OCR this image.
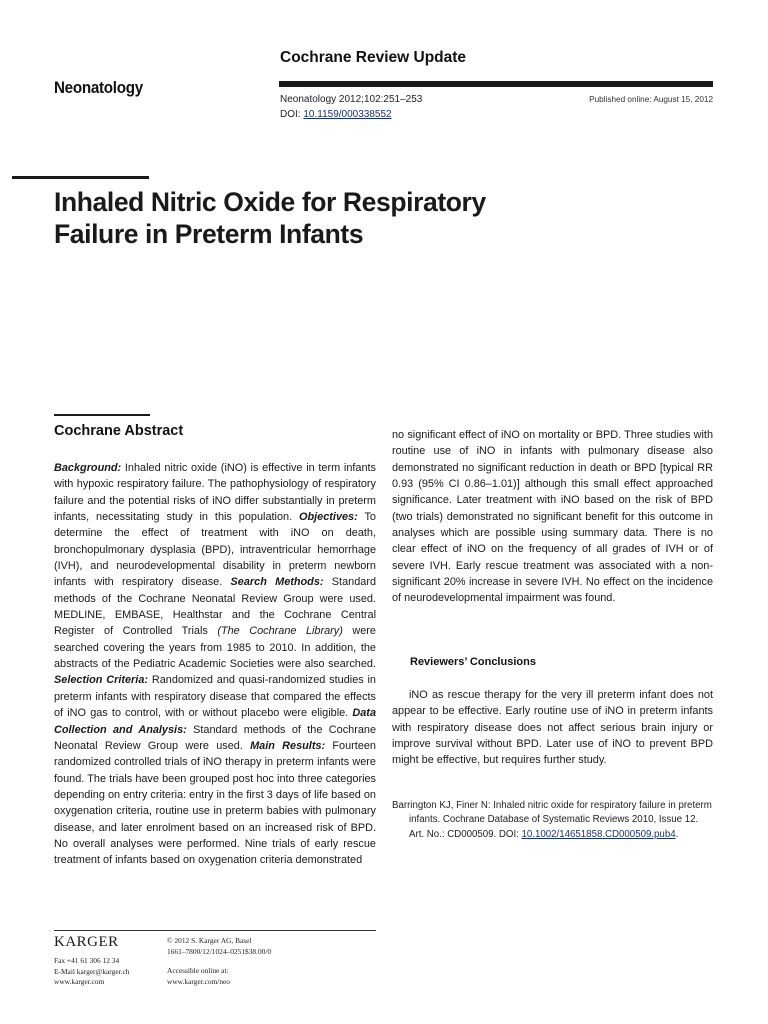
Cochrane Review Update
Neonatology
Neonatology 2012;102:251–253
DOI: 10.1159/000338552
Published online: August 15, 2012
Inhaled Nitric Oxide for Respiratory
Failure in Preterm Infants
Cochrane Abstract
Background: Inhaled nitric oxide (iNO) is effective in term infants with hypoxic respiratory failure. The pathophysiology of respiratory failure and the potential risks of iNO differ substantially in preterm infants, necessitating study in this population. Objectives: To determine the effect of treatment with iNO on death, bronchopulmonary dysplasia (BPD), intraventricular hemorrhage (IVH), and neurodevelopmental disability in preterm newborn infants with respiratory disease. Search Methods: Standard methods of the Cochrane Neonatal Review Group were used. MEDLINE, EMBASE, Healthstar and the Cochrane Central Register of Controlled Trials (The Cochrane Library) were searched covering the years from 1985 to 2010. In addition, the abstracts of the Pediatric Academic Societies were also searched. Selection Criteria: Randomized and quasi-randomized studies in preterm infants with respiratory disease that compared the effects of iNO gas to control, with or without placebo were eligible. Data Collection and Analysis: Standard methods of the Cochrane Neonatal Review Group were used. Main Results: Fourteen randomized controlled trials of iNO therapy in preterm infants were found. The trials have been grouped post hoc into three categories depending on entry criteria: entry in the first 3 days of life based on oxygenation criteria, routine use in preterm babies with pulmonary disease, and later enrolment based on an increased risk of BPD. No overall analyses were performed. Nine trials of early rescue treatment of infants based on oxygenation criteria demonstrated
no significant effect of iNO on mortality or BPD. Three studies with routine use of iNO in infants with pulmonary disease also demonstrated no significant reduction in death or BPD [typical RR 0.93 (95% CI 0.86–1.01)] although this small effect approached significance. Later treatment with iNO based on the risk of BPD (two trials) demonstrated no significant benefit for this outcome in analyses which are possible using summary data. There is no clear effect of iNO on the frequency of all grades of IVH or of severe IVH. Early rescue treatment was associated with a non-significant 20% increase in severe IVH. No effect on the incidence of neurodevelopmental impairment was found.
Reviewers’ Conclusions
iNO as rescue therapy for the very ill preterm infant does not appear to be effective. Early routine use of iNO in preterm infants with respiratory disease does not affect serious brain injury or improve survival without BPD. Later use of iNO to prevent BPD might be effective, but requires further study.
Barrington KJ, Finer N: Inhaled nitric oxide for respiratory failure in preterm infants. Cochrane Database of Systematic Reviews 2010, Issue 12. Art. No.: CD000509. DOI: 10.1002/14651858.CD000509.pub4.
KARGER
Fax +41 61 306 12 34
E-Mail karger@karger.ch
www.karger.com
© 2012 S. Karger AG, Basel
1661–7800/12/1024–0251$38.00/0
Accessible online at:
www.karger.com/neo
